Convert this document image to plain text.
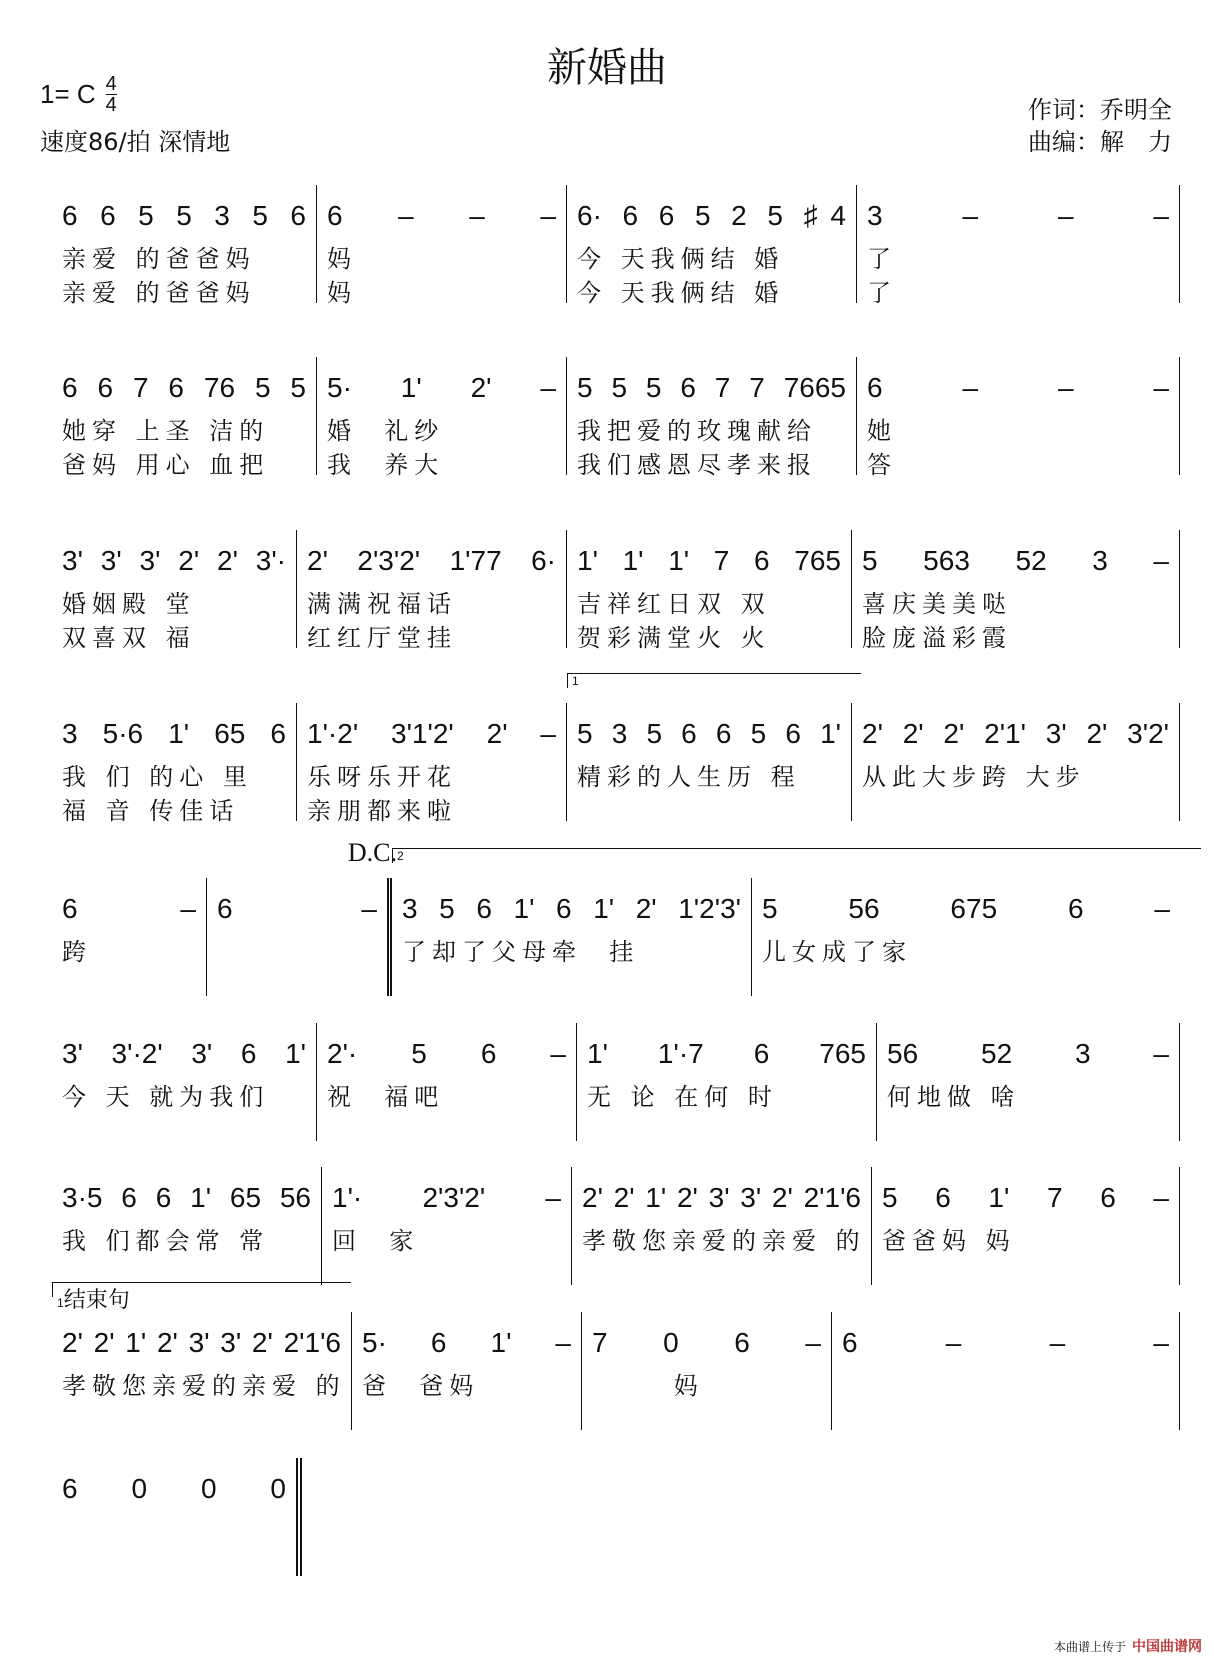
新婚曲
1= C $\frac{4}{4}$
速度86/拍 深情地
作词：乔明全
曲编：解　力
6 6 5 5 3 5 6
亲爱 的爸爸妈
亲爱 的爸爸妈
6 – – –
妈
妈
6· 6 6 5 2 5 ♯4
今 天我俩结 婚
今 天我俩结 婚
3 – – –
了
了
6 6 7 6 76 5 5
她穿 上圣 洁的
爸妈 用心 血把
5· 1' 2' –
婚  礼纱
我  养大
5 5 5 6 7 7 7665
我把爱的玫瑰献给
我们感恩尽孝来报
6 – – –
她
答
3' 3' 3' 2' 2' 3'·
婚姻殿 堂
双喜双 福
2' 2'3'2' 1'77 6·
满满祝福话
红红厅堂挂
1' 1' 1' 7 6 765
吉祥红日双 双
贺彩满堂火 火
5 563 52 3 –
喜庆美美哒
脸庞溢彩霞
3 5·6 1' 65 6
我 们 的心 里
福 音 传佳话
1'·2' 3'1'2' 2' –
乐呀乐开花
亲朋都来啦
1
5 3 5 6 6 5 6 1'
精彩的人生历 程
2' 2' 2' 2'1' 3' 2' 3'2'
从此大步跨 大步
6 –
跨
D.C.
6 –
2
3 5 6 1' 6 1' 2' 1'2'3'
了却了父母牵  挂
5 56 675 6 –
儿女成了家
3' 3'·2' 3' 6 1'
今 天 就为我们
2'· 5 6 –
祝  福吧
1' 1'·7 6 765
无 论 在何 时
56 52 3 –
何地做 啥
3·5 6 6 1' 65 56
我 们都会常 常
1'· 2'3'2' –
回  家
2' 2' 1' 2' 3' 3' 2' 2'1'6
孝敬您亲爱的亲爱 的
5 6 1' 7 6 –
爸爸妈 妈
1结束句
2' 2' 1' 2' 3' 3' 2' 2'1'6
孝敬您亲爱的亲爱 的
5· 6 1' –
爸  爸妈
7 0 6 –
妈
6 – – –
6 0 0 0
本曲谱上传于 中国曲谱网
